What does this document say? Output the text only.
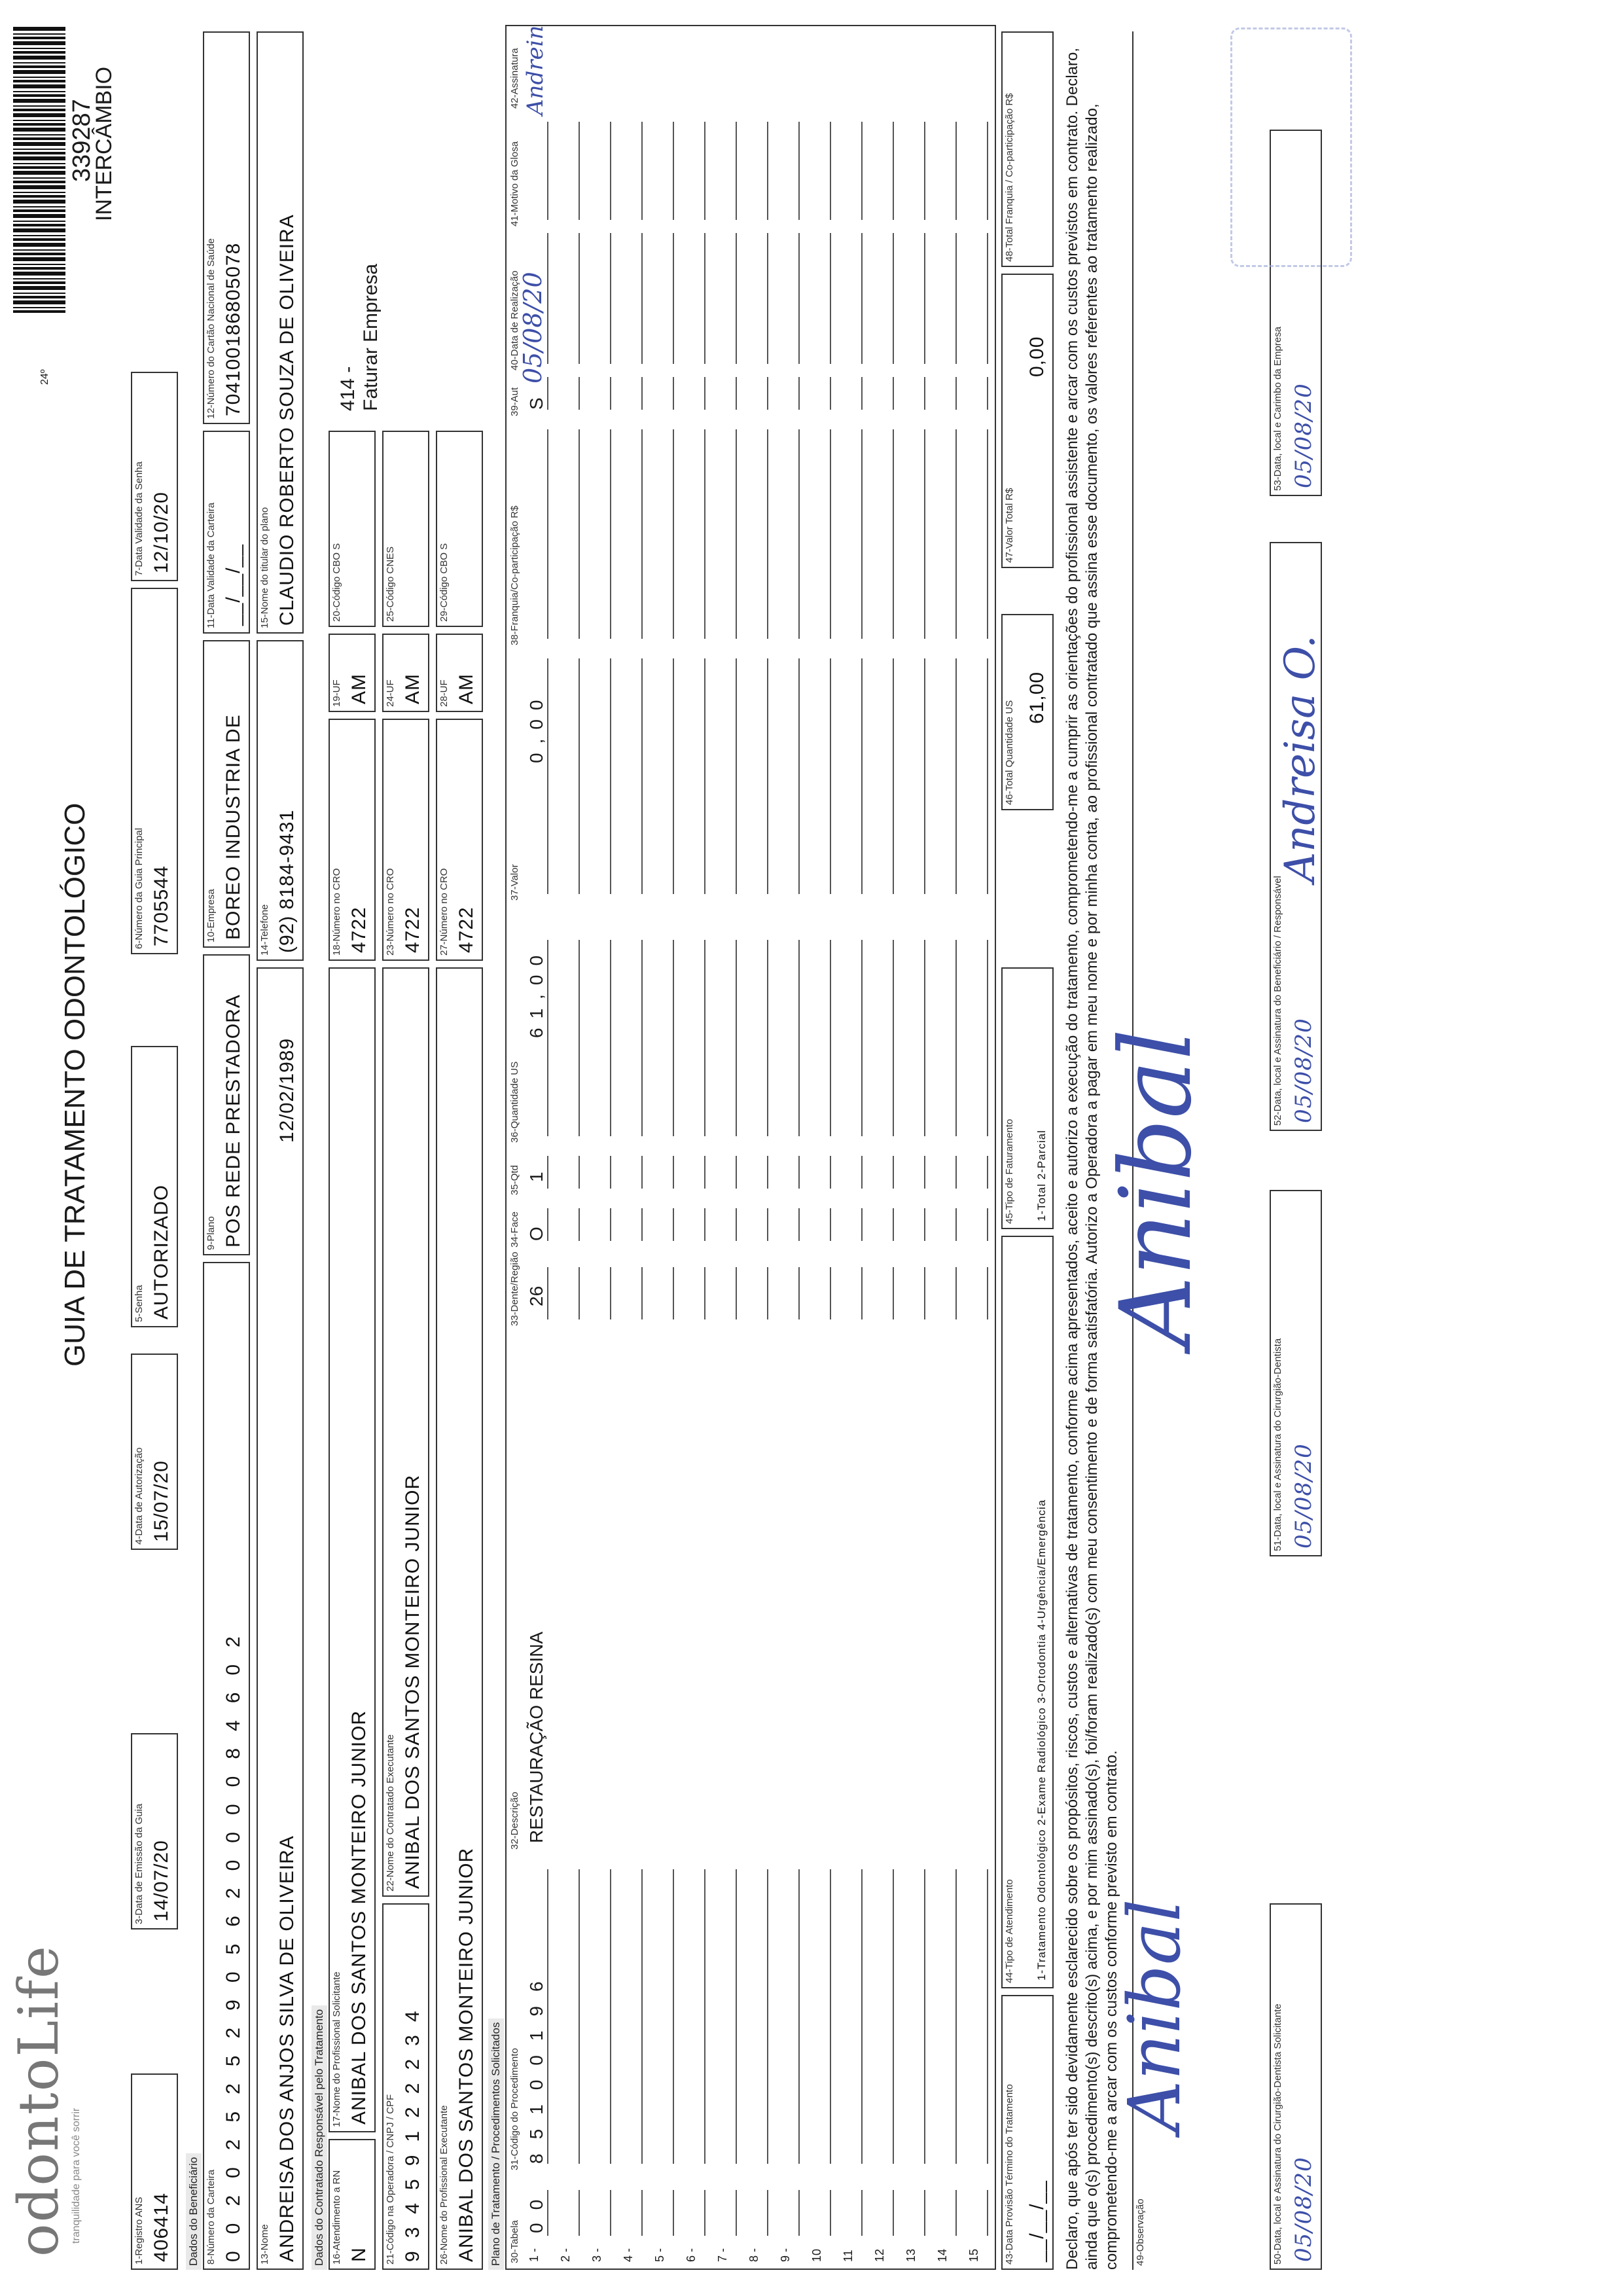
odontoLife tranquilidade para você sorrir
GUIA DE TRATAMENTO ODONTOLÓGICO
24º
339287
INTERCÂMBIO
1-Registro ANS 406414
3-Data de Emissão da Guia 14/07/20
4-Data de Autorização 15/07/20
5-Senha AUTORIZADO
6-Número da Guia Principal 7705544
7-Data Validade da Senha 12/10/20
Dados do Beneficiário 8-Número da Carteira 00202525290562000084602
9-Plano POS REDE PRESTADORA
10-Empresa BOREO INDUSTRIA DE
11-Data Validade da Carteira __/__/__
12-Número do Cartão Nacional de Saúde 704100186805078
13-Nome ANDREISA DOS ANJOS SILVA DE OLIVEIRA
12/02/1989
14-Telefone (92) 8184-9431
15-Nome do titular do plano CLAUDIO ROBERTO SOUZA DE OLIVEIRA
Dados do Contratado Responsável pelo Tratamento 16-Atendimento a RN N
17-Nome do Profissional Solicitante ANIBAL DOS SANTOS MONTEIRO JUNIOR
18-Número no CRO 4722
19-UF AM
20-Código CBO S
414 - Faturar Empresa
21-Código na Operadora / CNPJ / CPF 93459122234
22-Nome do Contratado Executante ANIBAL DOS SANTOS MONTEIRO JUNIOR
23-Número no CRO 4722
24-UF AM
25-Código CNES
26-Nome do Profissional Executante ANIBAL DOS SANTOS MONTEIRO JUNIOR
27-Número no CRO 4722
28-UF AM
29-Código CBO S
Plano de Tratamento / Procedimentos Solicitados 30-Tabela
31-Código do Procedimento
32-Descrição
33-Dente/Região
34-Face
35-Qtd
36-Quantidade US
37-Valor
38-Franquia/Co-participação R$
39-Aut
40-Data de Realização
41-Motivo da Glosa
42-Assinatura
1 - 2 - 3 - 4 - 5 - 6 - 7 - 8 - 9 - 10 11 12 13 14 15
00
85100196
RESTAURAÇÃO RESINA
26
O
1
61,00
0,00
S
05/08/20
Andrein
43-Data Provisão Término do Tratamento __/__/__
44-Tipo de Atendimento 1-Tratamento Odontológico 2-Exame Radiológico 3-Ortodontia 4-Urgência/Emergência
45-Tipo de Faturamento 1-Total 2-Parcial
46-Total Quantidade US
61,00
47-Valor Total R$
0,00
48-Total Franquia / Co-participação R$	Declaro, que após ter sido devidamente esclarecido sobre os propósitos, riscos, custos e alternativas de tratamento, conforme acima apresentados, aceito e autorizo a execução do tratamento, comprometendo-me a cumprir as orientações do profissional assistente e arcar com os custos previstos em contrato. Declaro, ainda que o(s) procedimento(s) descrito(s) acima, e por mim assinado(s), foi/foram realizado(s) com meu consentimento e de forma satisfatória. Autorizo a Operadora a pagar em meu nome e por minha conta, ao profissional contratado que assina esse documento, os valores referentes ao tratamento realizado, comprometendo-me a arcar com os custos conforme previsto em contrato. 49-Observação	50-Data, local e Assinatura do Cirurgião-Dentista Solicitante 05/08/20
Anibal
51-Data, local e Assinatura do Cirurgião-Dentista 05/08/20
Anibal
52-Data, local e Assinatura do Beneficiário / Responsável 05/08/20
Andreisa O.
53-Data, local e Carimbo da Empresa 05/08/20
